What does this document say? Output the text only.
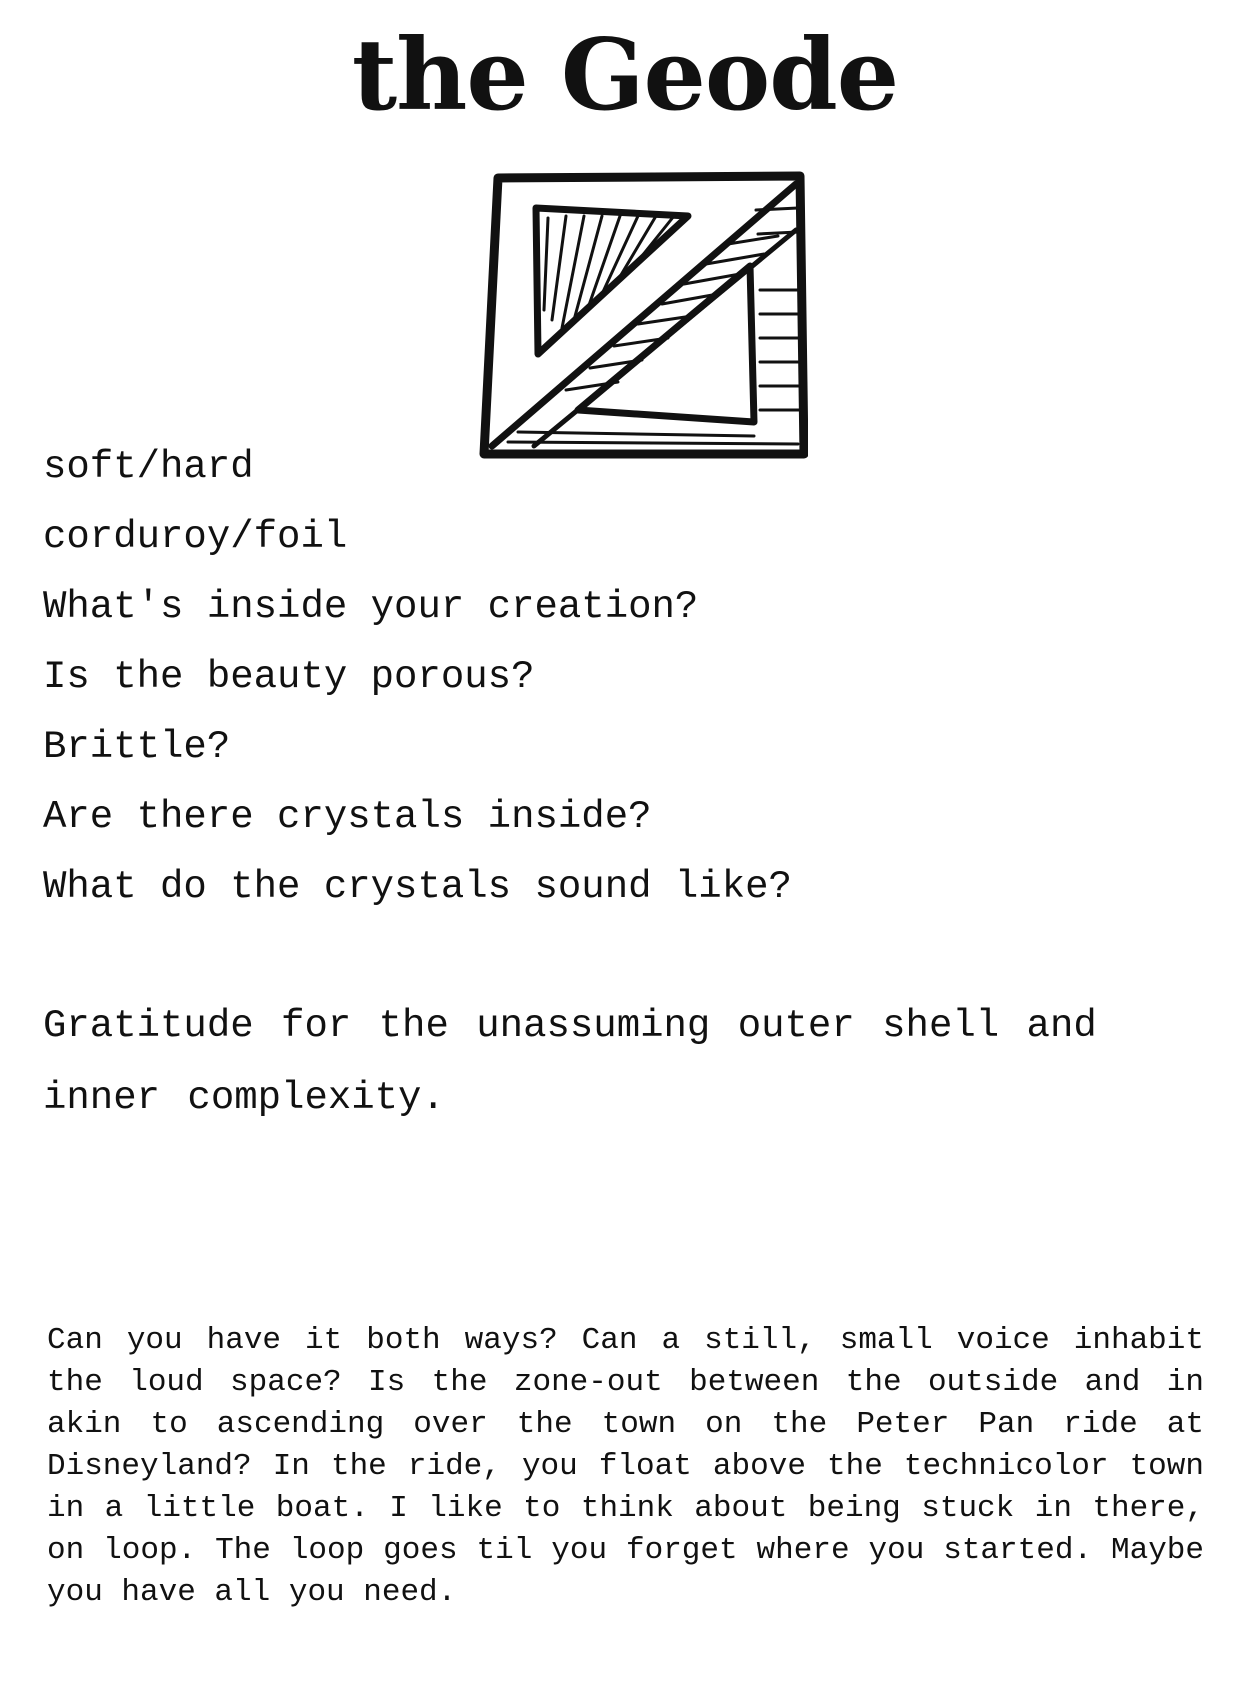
the Geode
soft/hard
corduroy/foil
What's inside your creation?
Is the beauty porous?
Brittle?
Are there crystals inside?
What do the crystals sound like?

Gratitude for the unassuming outer shell and inner complexity.

Can you have it both ways? Can a still, small voice inhabit the loud space? Is the zone-out between the outside and in akin to ascending over the town on the Peter Pan ride at Disneyland? In the ride, you float above the technicolor town in a little boat. I like to think about being stuck in there, on loop. The loop goes til you forget where you started. Maybe you have all you need.
